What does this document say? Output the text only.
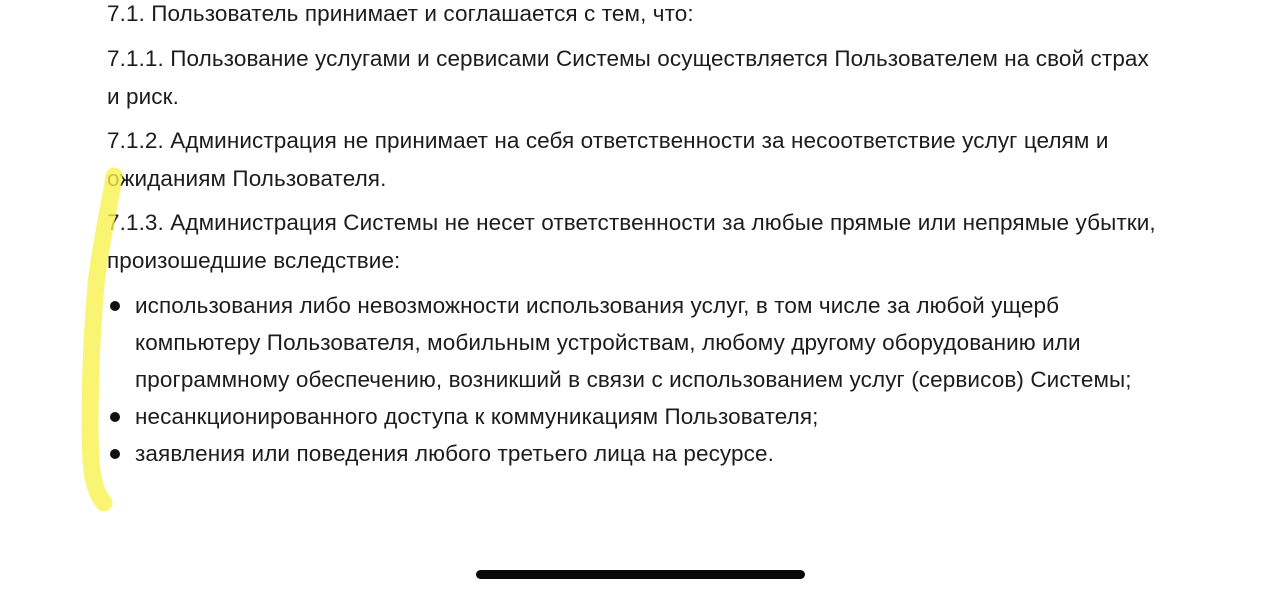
7.1. Пользователь принимает и соглашается с тем, что:

7.1.1. Пользование услугами и сервисами Системы осуществляется Пользователем на свой страх и риск.

7.1.2. Администрация не принимает на себя ответственности за несоответствие услуг целям и ожиданиям Пользователя.

7.1.3. Администрация Системы не несет ответственности за любые прямые или непрямые убытки, произошедшие вследствие:

использования либо невозможности использования услуг, в том числе за любой ущерб компьютеру Пользователя, мобильным устройствам, любому другому оборудованию или программному обеспечению, возникший в связи с использованием услуг (сервисов) Системы;
несанкционированного доступа к коммуникациям Пользователя;
заявления или поведения любого третьего лица на ресурсе.
